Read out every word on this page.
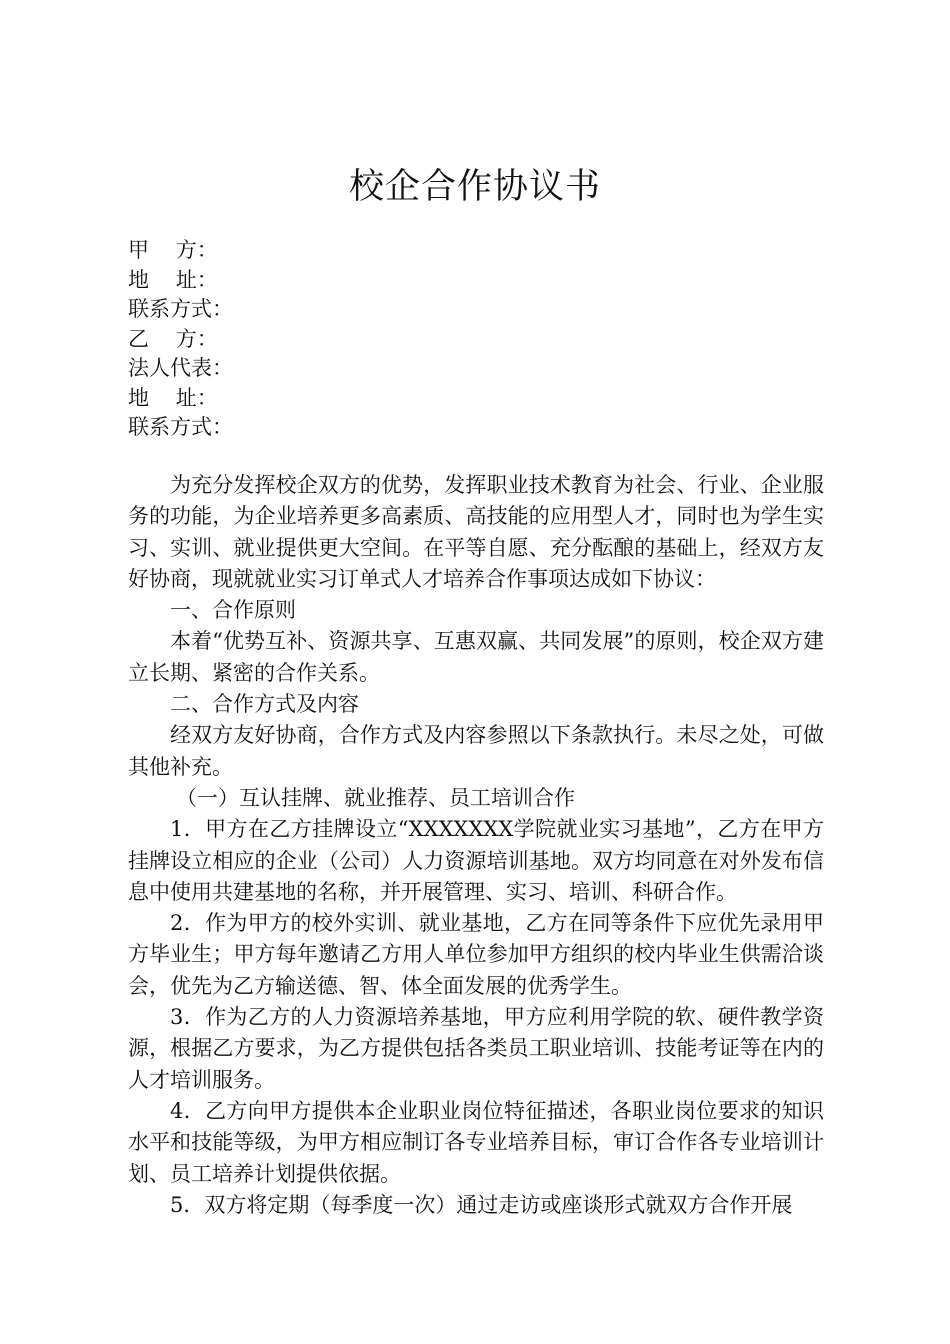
校企合作协议书
甲    方：
地    址：
联系方式：
乙    方：
法人代表：
地    址：
联系方式：

为充分发挥校企双方的优势，发挥职业技术教育为社会、行业、企业服务的功能，为企业培养更多高素质、高技能的应用型人才，同时也为学生实习、实训、就业提供更大空间。在平等自愿、充分酝酿的基础上，经双方友好协商，现就就业实习订单式人才培养合作事项达成如下协议：

一、合作原则

本着“优势互补、资源共享、互惠双赢、共同发展”的原则，校企双方建立长期、紧密的合作关系。

二、合作方式及内容

经双方友好协商，合作方式及内容参照以下条款执行。未尽之处，可做其他补充。

（一）互认挂牌、就业推荐、员工培训合作

1．甲方在乙方挂牌设立“XXXXXXX学院就业实习基地”，乙方在甲方挂牌设立相应的企业（公司）人力资源培训基地。双方均同意在对外发布信息中使用共建基地的名称，并开展管理、实习、培训、科研合作。

2．作为甲方的校外实训、就业基地，乙方在同等条件下应优先录用甲方毕业生；甲方每年邀请乙方用人单位参加甲方组织的校内毕业生供需洽谈会，优先为乙方输送德、智、体全面发展的优秀学生。

3．作为乙方的人力资源培养基地，甲方应利用学院的软、硬件教学资源，根据乙方要求，为乙方提供包括各类员工职业培训、技能考证等在内的人才培训服务。

4．乙方向甲方提供本企业职业岗位特征描述，各职业岗位要求的知识水平和技能等级，为甲方相应制订各专业培养目标，审订合作各专业培训计划、员工培养计划提供依据。

5．双方将定期（每季度一次）通过走访或座谈形式就双方合作开展
